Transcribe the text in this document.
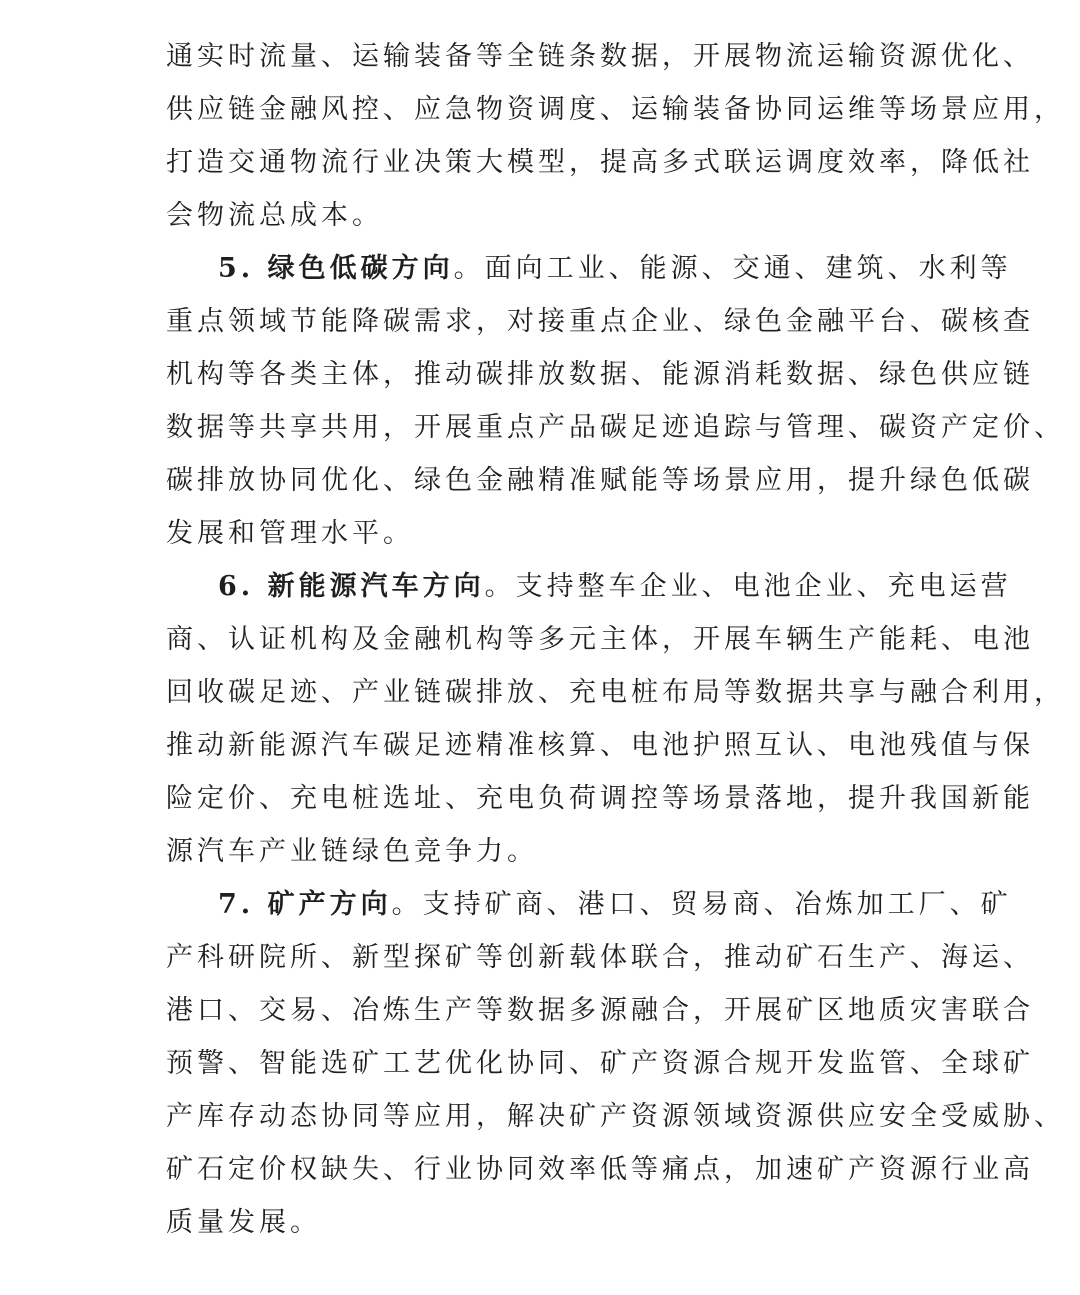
通实时流量、运输装备等全链条数据，开展物流运输资源优化、
供应链金融风控、应急物资调度、运输装备协同运维等场景应用，
打造交通物流行业决策大模型，提高多式联运调度效率，降低社
会物流总成本。
5. 绿色低碳方向。面向工业、能源、交通、建筑、水利等
重点领域节能降碳需求，对接重点企业、绿色金融平台、碳核查
机构等各类主体，推动碳排放数据、能源消耗数据、绿色供应链
数据等共享共用，开展重点产品碳足迹追踪与管理、碳资产定价、
碳排放协同优化、绿色金融精准赋能等场景应用，提升绿色低碳
发展和管理水平。
6. 新能源汽车方向。支持整车企业、电池企业、充电运营
商、认证机构及金融机构等多元主体，开展车辆生产能耗、电池
回收碳足迹、产业链碳排放、充电桩布局等数据共享与融合利用，
推动新能源汽车碳足迹精准核算、电池护照互认、电池残值与保
险定价、充电桩选址、充电负荷调控等场景落地，提升我国新能
源汽车产业链绿色竞争力。
7. 矿产方向。支持矿商、港口、贸易商、冶炼加工厂、矿
产科研院所、新型探矿等创新载体联合，推动矿石生产、海运、
港口、交易、冶炼生产等数据多源融合，开展矿区地质灾害联合
预警、智能选矿工艺优化协同、矿产资源合规开发监管、全球矿
产库存动态协同等应用，解决矿产资源领域资源供应安全受威胁、
矿石定价权缺失、行业协同效率低等痛点，加速矿产资源行业高
质量发展。
